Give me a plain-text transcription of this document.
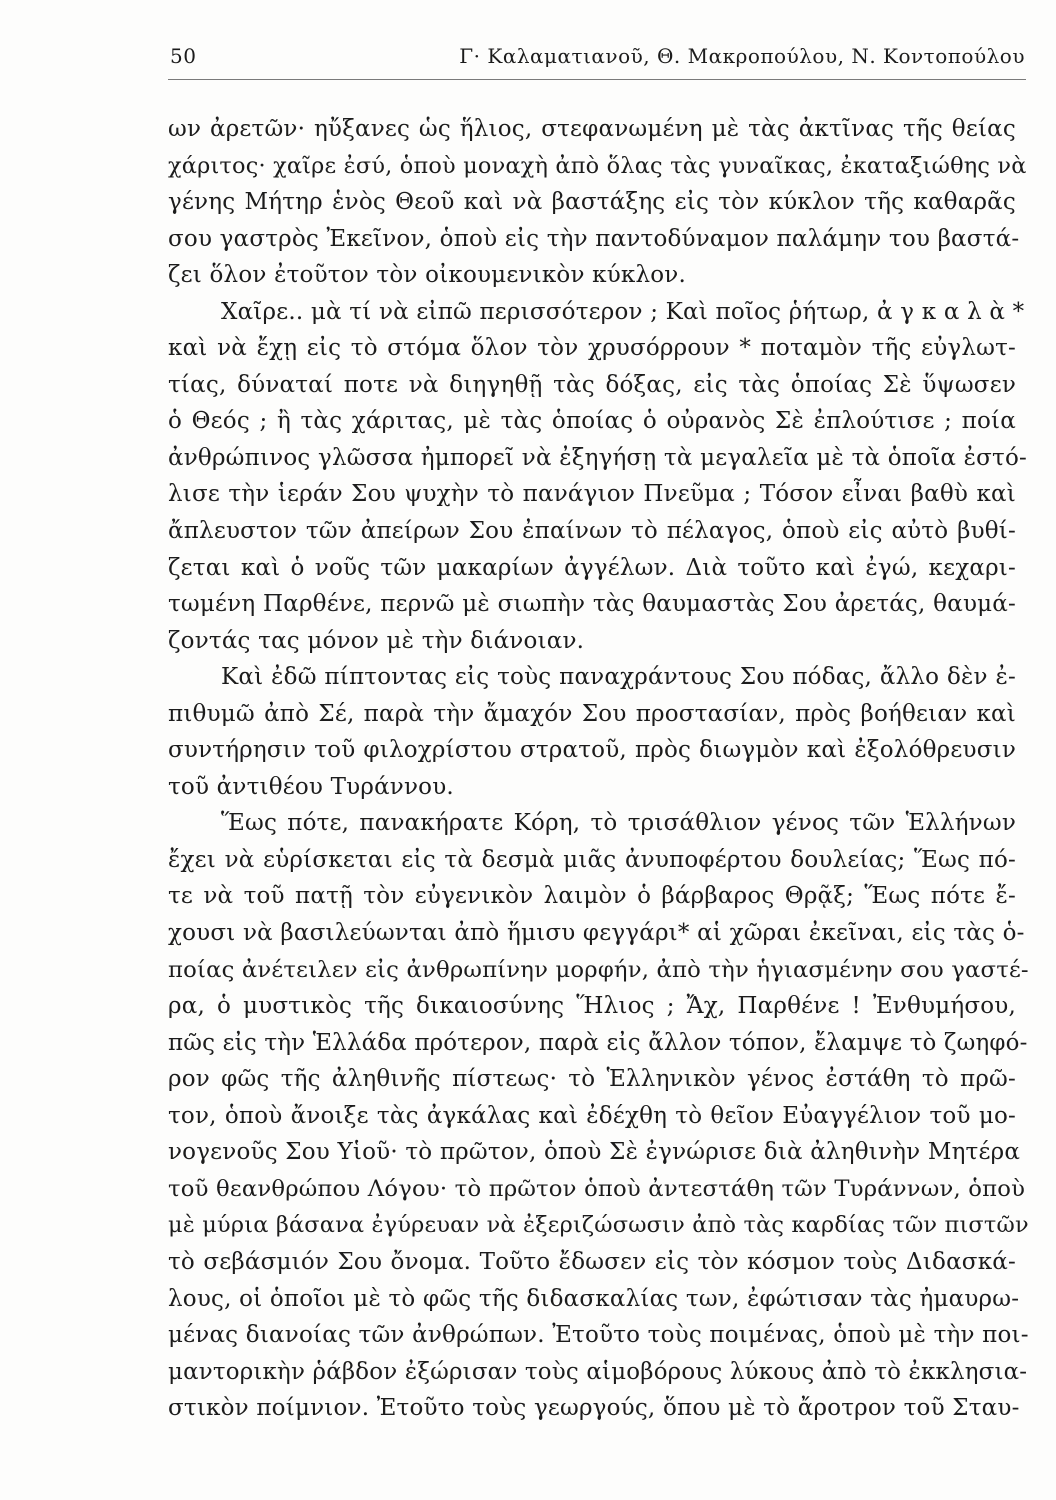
50	Γ· Καλαματιανοῦ, Θ. Μακροπούλου, Ν. Κοντοπούλου
ων ἀρετῶν· ηὔξανες ὡς ἥλιος, στεφανωμένη μὲ τὰς ἀκτῖνας τῆς θείας
χάριτος· χαῖρε ἐσύ, ὁποὺ μοναχὴ ἀπὸ ὅλας τὰς γυναῖκας, ἐκαταξιώθης νὰ
γένης Μήτηρ ἑνὸς Θεοῦ καὶ νὰ βαστάξης εἰς τὸν κύκλον τῆς καθαρᾶς
σου γαστρὸς Ἐκεῖνον, ὁποὺ εἰς τὴν παντοδύναμον παλάμην του βαστά-
ζει ὅλον ἐτοῦτον τὸν οἰκουμενικὸν κύκλον.
Χαῖρε.. μὰ τί νὰ εἰπῶ περισσότερον ; Καὶ ποῖος ῥήτωρ, ἀ γ κ α λ ὰ *
καὶ νὰ ἔχῃ εἰς τὸ στόμα ὅλον τὸν χρυσόρρουν * ποταμὸν τῆς εὐγλωτ-
τίας, δύναταί ποτε νὰ διηγηθῇ τὰς δόξας, εἰς τὰς ὁποίας Σὲ ὕψωσεν
ὁ Θεός ; ἢ τὰς χάριτας, μὲ τὰς ὁποίας ὁ οὐρανὸς Σὲ ἐπλούτισε ; ποία
ἀνθρώπινος γλῶσσα ἠμπορεῖ νὰ ἐξηγήσῃ τὰ μεγαλεῖα μὲ τὰ ὁποῖα ἐστό-
λισε τὴν ἱεράν Σου ψυχὴν τὸ πανάγιον Πνεῦμα ; Τόσον εἶναι βαθὺ καὶ
ἄπλευστον τῶν ἀπείρων Σου ἐπαίνων τὸ πέλαγος, ὁποὺ εἰς αὐτὸ βυθί-
ζεται καὶ ὁ νοῦς τῶν μακαρίων ἀγγέλων. Διὰ τοῦτο καὶ ἐγώ, κεχαρι-
τωμένη Παρθένε, περνῶ μὲ σιωπὴν τὰς θαυμαστὰς Σου ἀρετάς, θαυμά-
ζοντάς τας μόνον μὲ τὴν διάνοιαν.
Καὶ ἐδῶ πίπτοντας εἰς τοὺς παναχράντους Σου πόδας, ἄλλο δὲν ἐ-
πιθυμῶ ἀπὸ Σέ, παρὰ τὴν ἄμαχόν Σου προστασίαν, πρὸς βοήθειαν καὶ
συντήρησιν τοῦ φιλοχρίστου στρατοῦ, πρὸς διωγμὸν καὶ ἐξολόθρευσιν
τοῦ ἀντιθέου Τυράννου.
Ἕως πότε, πανακήρατε Κόρη, τὸ τρισάθλιον γένος τῶν Ἑλλήνων
ἔχει νὰ εὑρίσκεται εἰς τὰ δεσμὰ μιᾶς ἀνυποφέρτου δουλείας; Ἕως πό-
τε νὰ τοῦ πατῇ τὸν εὐγενικὸν λαιμὸν ὁ βάρβαρος Θρᾷξ; Ἕως πότε ἔ-
χουσι νὰ βασιλεύωνται ἀπὸ ἥμισυ φεγγάρι* αἱ χῶραι ἐκεῖναι, εἰς τὰς ὁ-
ποίας ἀνέτειλεν εἰς ἀνθρωπίνην μορφήν, ἀπὸ τὴν ἡγιασμένην σου γαστέ-
ρα, ὁ μυστικὸς τῆς δικαιοσύνης Ἥλιος ; Ἄχ, Παρθένε ! Ἐνθυμήσου,
πῶς εἰς τὴν Ἑλλάδα πρότερον, παρὰ εἰς ἄλλον τόπον, ἔλαμψε τὸ ζωηφό-
ρον φῶς τῆς ἀληθινῆς πίστεως· τὸ Ἑλληνικὸν γένος ἐστάθη τὸ πρῶ-
τον, ὁποὺ ἄνοιξε τὰς ἀγκάλας καὶ ἐδέχθη τὸ θεῖον Εὐαγγέλιον τοῦ μο-
νογενοῦς Σου Υἱοῦ· τὸ πρῶτον, ὁποὺ Σὲ ἐγνώρισε διὰ ἀληθινὴν Μητέρα
τοῦ θεανθρώπου Λόγου· τὸ πρῶτον ὁποὺ ἀντεστάθη τῶν Τυράννων, ὁποὺ
μὲ μύρια βάσανα ἐγύρευαν νὰ ἐξεριζώσωσιν ἀπὸ τὰς καρδίας τῶν πιστῶν
τὸ σεβάσμιόν Σου ὄνομα. Τοῦτο ἔδωσεν εἰς τὸν κόσμον τοὺς Διδασκά-
λους, οἱ ὁποῖοι μὲ τὸ φῶς τῆς διδασκαλίας των, ἐφώτισαν τὰς ἠμαυρω-
μένας διανοίας τῶν ἀνθρώπων. Ἐτοῦτο τοὺς ποιμένας, ὁποὺ μὲ τὴν ποι-
μαντορικὴν ῥάβδον ἐξώρισαν τοὺς αἱμοβόρους λύκους ἀπὸ τὸ ἐκκλησια-
στικὸν ποίμνιον. Ἐτοῦτο τοὺς γεωργούς, ὅπου μὲ τὸ ἄροτρον τοῦ Σταυ-
